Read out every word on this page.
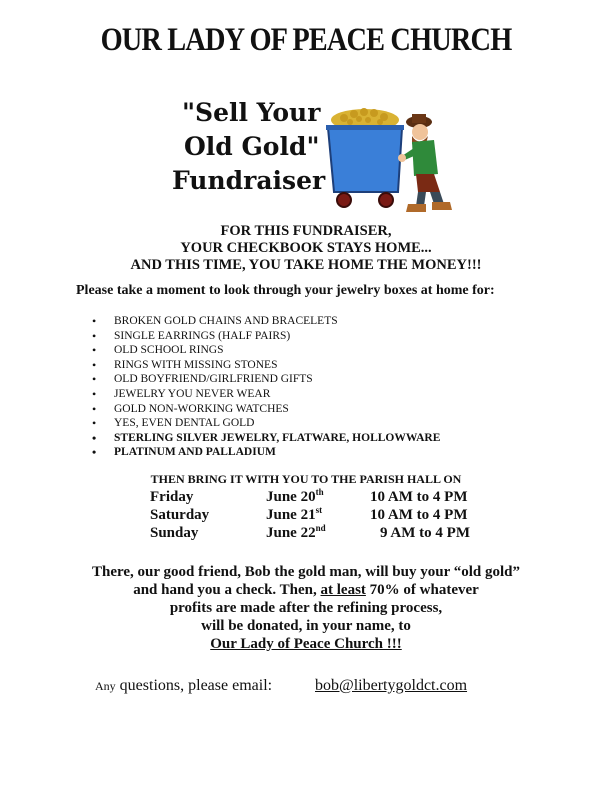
OUR LADY OF PEACE CHURCH
"Sell Your
Old Gold"
Fundraiser
FOR THIS FUNDRAISER,
YOUR CHECKBOOK STAYS HOME...
AND THIS TIME, YOU TAKE HOME THE MONEY!!!
Please take a moment to look through your jewelry boxes at home for:
• BROKEN GOLD CHAINS AND BRACELETS
• SINGLE EARRINGS (HALF PAIRS)
• OLD SCHOOL RINGS
• RINGS WITH MISSING STONES
• OLD BOYFRIEND/GIRLFRIEND GIFTS
• JEWELRY YOU NEVER WEAR
• GOLD NON-WORKING WATCHES
• YES, EVEN DENTAL GOLD
• STERLING SILVER JEWELRY, FLATWARE, HOLLOWWARE
• PLATINUM AND PALLADIUM
THEN BRING IT WITH YOU TO THE PARISH HALL ON
Friday	June 20th	10 AM to 4 PM
Saturday	June 21st	10 AM to 4 PM
Sunday	June 22nd	9 AM to 4 PM
There, our good friend, Bob the gold man, will buy your “old gold”
and hand you a check. Then, at least 70% of whatever
profits are made after the refining process,
will be donated, in your name, to
Our Lady of Peace Church !!!
Any questions, please email:	bob@libertygoldct.com
